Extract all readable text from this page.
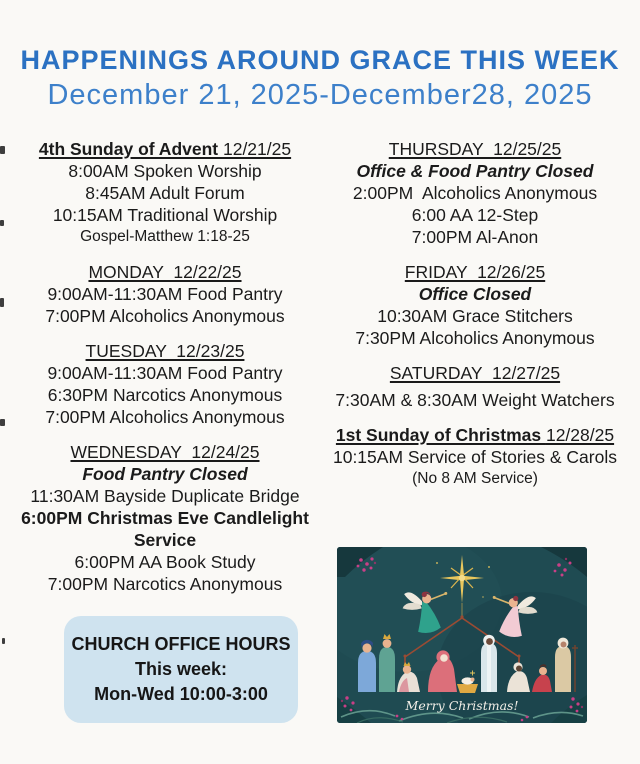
HAPPENINGS AROUND GRACE THIS WEEK
December 21, 2025-December28, 2025
4th Sunday of Advent 12/21/25
8:00AM Spoken Worship
8:45AM Adult Forum
10:15AM Traditional Worship
Gospel-Matthew 1:18-25
MONDAY  12/22/25
9:00AM-11:30AM Food Pantry
7:00PM Alcoholics Anonymous
TUESDAY  12/23/25
9:00AM-11:30AM Food Pantry
6:30PM Narcotics Anonymous
7:00PM Alcoholics Anonymous
WEDNESDAY  12/24/25
Food Pantry Closed
11:30AM Bayside Duplicate Bridge
6:00PM Christmas Eve Candlelight Service
6:00PM AA Book Study
7:00PM Narcotics Anonymous
THURSDAY  12/25/25
Office & Food Pantry Closed
2:00PM  Alcoholics Anonymous
6:00 AA 12-Step
7:00PM Al-Anon
FRIDAY  12/26/25
Office Closed
10:30AM Grace Stitchers
7:30PM Alcoholics Anonymous
SATURDAY  12/27/25
7:30AM & 8:30AM Weight Watchers
1st Sunday of Christmas 12/28/25
10:15AM Service of Stories & Carols
(No 8 AM Service)
CHURCH OFFICE HOURS
This week:
Mon-Wed 10:00-3:00
Merry Christmas!
